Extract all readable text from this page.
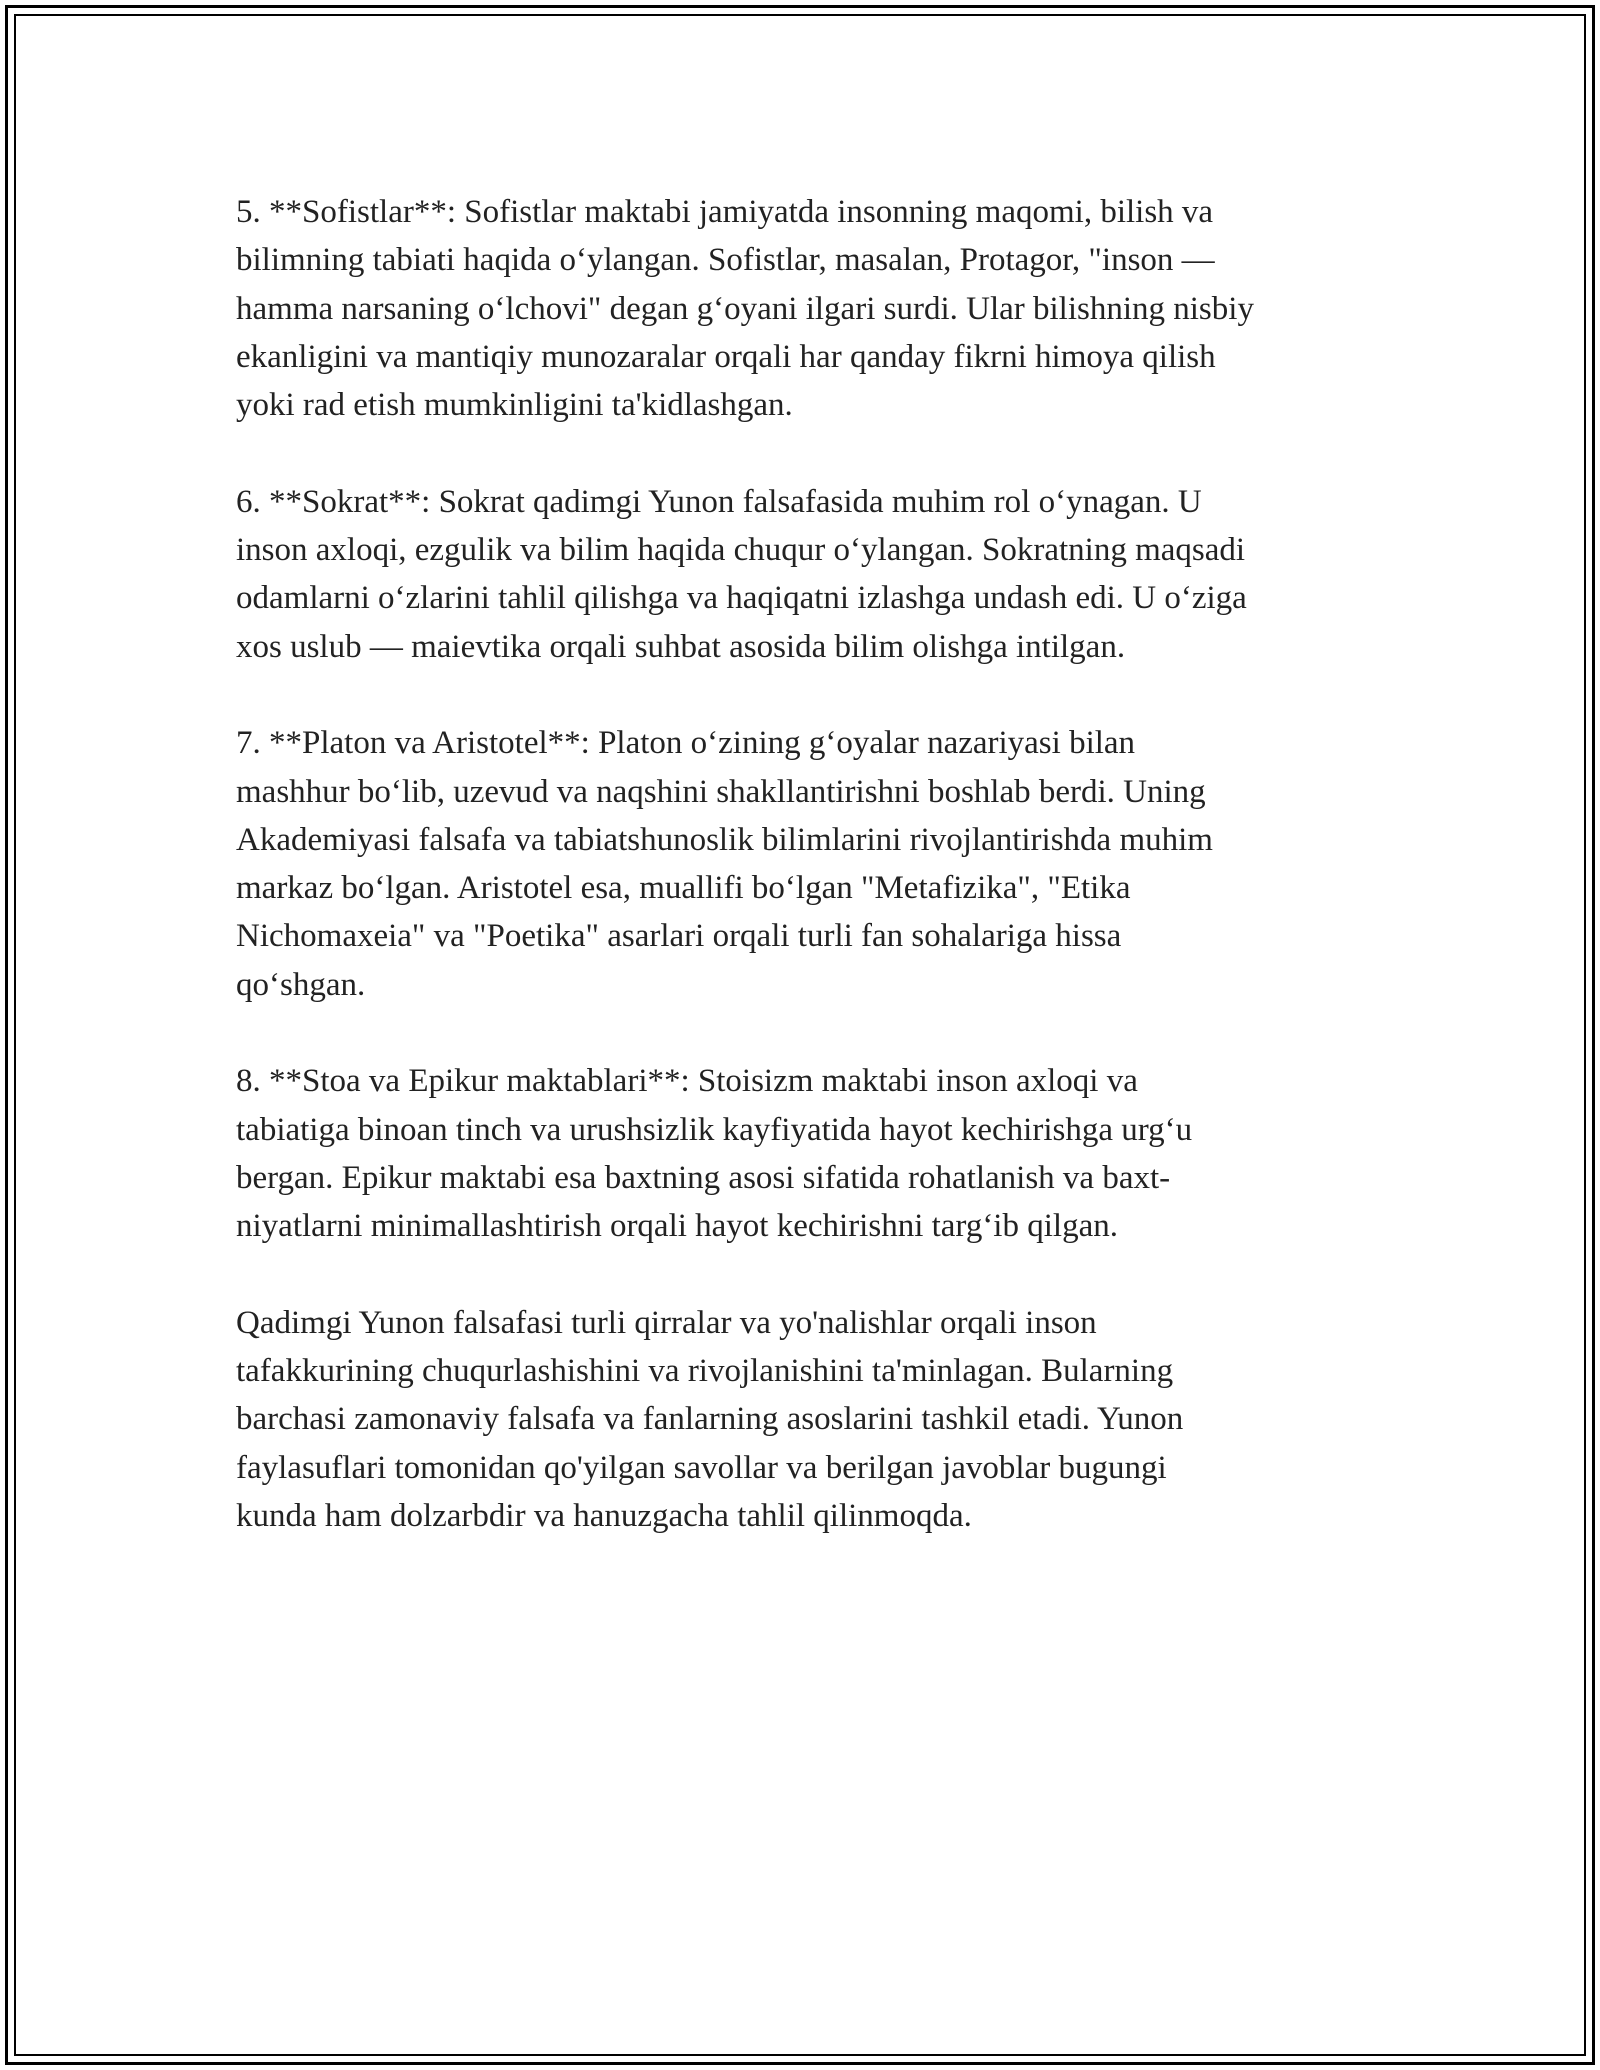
5. **Sofistlar**: Sofistlar maktabi jamiyatda insonning maqomi, bilish va
bilimning tabiati haqida o‘ylangan. Sofistlar, masalan, Protagor, "inson —
hamma narsaning o‘lchovi" degan g‘oyani ilgari surdi. Ular bilishning nisbiy
ekanligini va mantiqiy munozaralar orqali har qanday fikrni himoya qilish
yoki rad etish mumkinligini ta'kidlashgan.

6. **Sokrat**: Sokrat qadimgi Yunon falsafasida muhim rol o‘ynagan. U
inson axloqi, ezgulik va bilim haqida chuqur o‘ylangan. Sokratning maqsadi
odamlarni o‘zlarini tahlil qilishga va haqiqatni izlashga undash edi. U o‘ziga
xos uslub — maievtika orqali suhbat asosida bilim olishga intilgan.

7. **Platon va Aristotel**: Platon o‘zining g‘oyalar nazariyasi bilan
mashhur bo‘lib, uzevud va naqshini shakllantirishni boshlab berdi. Uning
Akademiyasi falsafa va tabiatshunoslik bilimlarini rivojlantirishda muhim
markaz bo‘lgan. Aristotel esa, muallifi bo‘lgan "Metafizika", "Etika
Nichomaxeia" va "Poetika" asarlari orqali turli fan sohalariga hissa
qo‘shgan.

8. **Stoa va Epikur maktablari**: Stoisizm maktabi inson axloqi va
tabiatiga binoan tinch va urushsizlik kayfiyatida hayot kechirishga urg‘u
bergan. Epikur maktabi esa baxtning asosi sifatida rohatlanish va baxt-
niyatlarni minimallashtirish orqali hayot kechirishni targ‘ib qilgan.

Qadimgi Yunon falsafasi turli qirralar va yo'nalishlar orqali inson
tafakkurining chuqurlashishini va rivojlanishini ta'minlagan. Bularning
barchasi zamonaviy falsafa va fanlarning asoslarini tashkil etadi. Yunon
faylasuflari tomonidan qo'yilgan savollar va berilgan javoblar bugungi
kunda ham dolzarbdir va hanuzgacha tahlil qilinmoqda.
